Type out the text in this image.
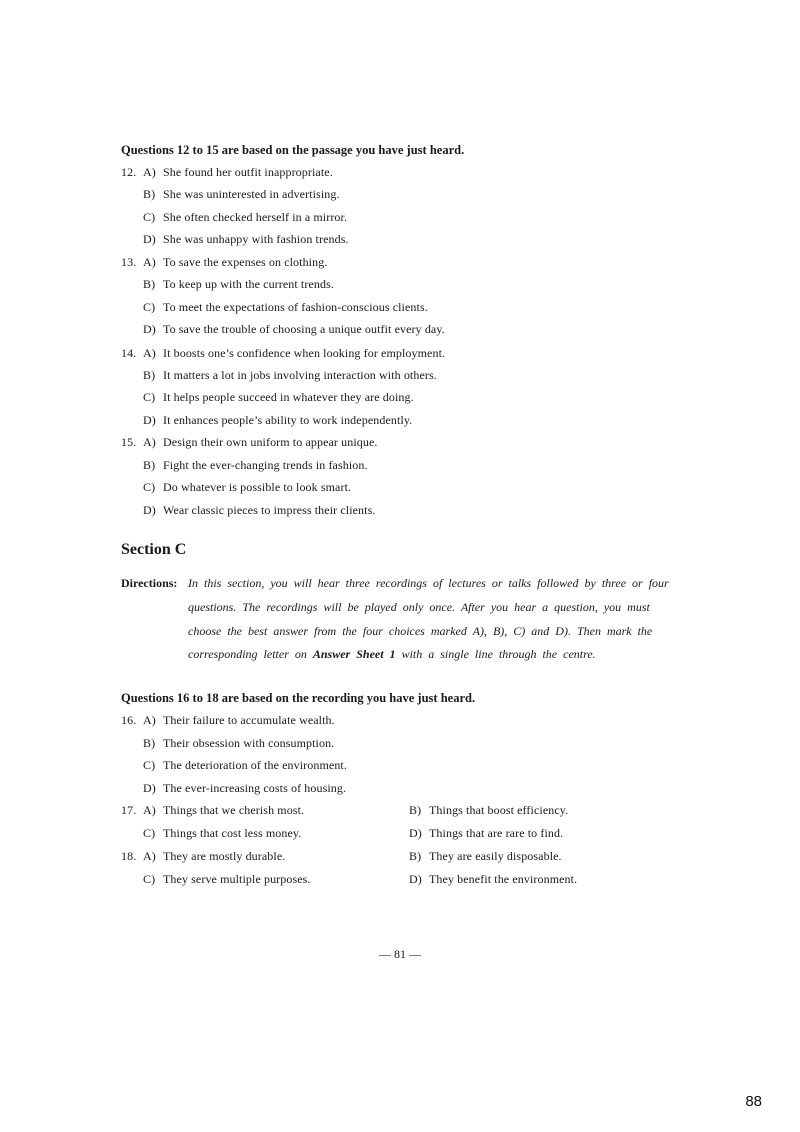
Questions 12 to 15 are based on the passage you have just heard.
12. A) She found her outfit inappropriate.
B) She was uninterested in advertising.
C) She often checked herself in a mirror.
D) She was unhappy with fashion trends.
13. A) To save the expenses on clothing.
B) To keep up with the current trends.
C) To meet the expectations of fashion-conscious clients.
D) To save the trouble of choosing a unique outfit every day.
14. A) It boosts one’s confidence when looking for employment.
B) It matters a lot in jobs involving interaction with others.
C) It helps people succeed in whatever they are doing.
D) It enhances people’s ability to work independently.
15. A) Design their own uniform to appear unique.
B) Fight the ever-changing trends in fashion.
C) Do whatever is possible to look smart.
D) Wear classic pieces to impress their clients.
Section C
Directions: In this section, you will hear three recordings of lectures or talks followed by three or four
questions. The recordings will be played only once. After you hear a question, you must
choose the best answer from the four choices marked A), B), C) and D). Then mark the
corresponding letter on Answer Sheet 1 with a single line through the centre.
Questions 16 to 18 are based on the recording you have just heard.
16. A) Their failure to accumulate wealth.
B) Their obsession with consumption.
C) The deterioration of the environment.
D) The ever-increasing costs of housing.
17. A) Things that we cherish most.	B) Things that boost efficiency.
C) Things that cost less money.	D) Things that are rare to find.
18. A) They are mostly durable.	B) They are easily disposable.
C) They serve multiple purposes.	D) They benefit the environment.
— 81 —
88
